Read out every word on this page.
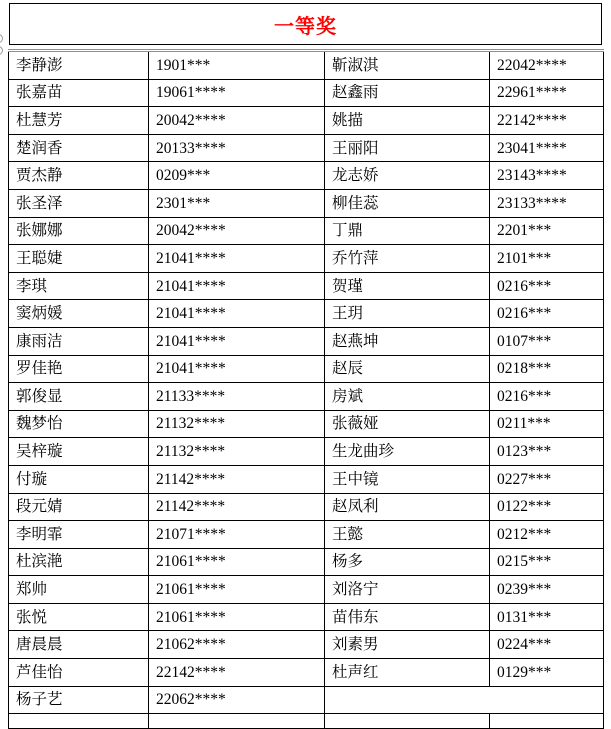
一等奖
李静澎	1901***	靳淑淇	22042****
张嘉苗	19061****	赵鑫雨	22961****
杜慧芳	20042****	姚描	22142****
楚润香	20133****	王丽阳	23041****
贾杰静	0209***	龙志娇	23143****
张圣泽	2301***	柳佳蕊	23133****
张娜娜	20042****	丁鼎	2201***
王聪婕	21041****	乔竹萍	2101***
李琪	21041****	贺瑾	0216***
窦炳媛	21041****	王玥	0216***
康雨洁	21041****	赵燕坤	0107***
罗佳艳	21041****	赵辰	0218***
郭俊显	21133****	房斌	0216***
魏梦怡	21132****	张薇娅	0211***
吴梓璇	21132****	生龙曲珍	0123***
付璇	21142****	王中镜	0227***
段元婧	21142****	赵凤利	0122***
李明霏	21071****	王懿	0212***
杜滨滟	21061****	杨多	0215***
郑帅	21061****	刘洛宁	0239***
张悦	21061****	苗伟东	0131***
唐晨晨	21062****	刘素男	0224***
芦佳怡	22142****	杜声红	0129***
杨子艺	22062****		
